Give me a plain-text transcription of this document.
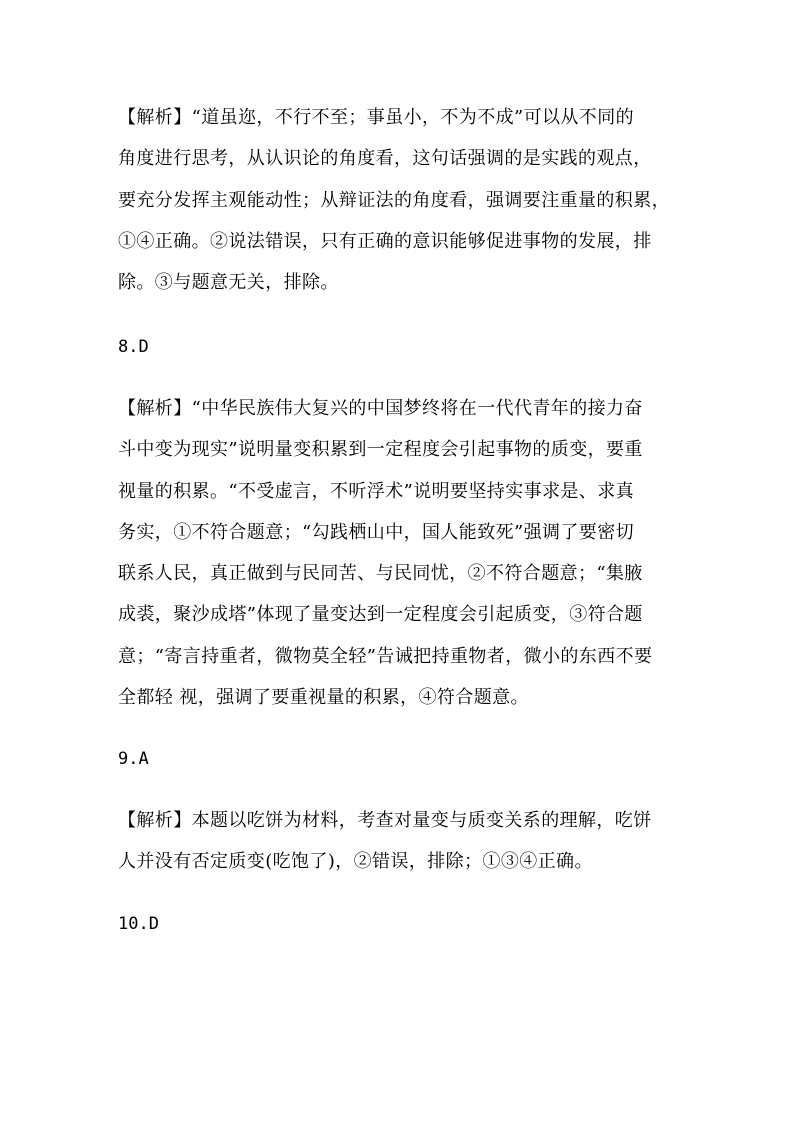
【解析】“道虽迩，不行不至；事虽小，不为不成”可以从不同的
角度进行思考，从认识论的角度看，这句话强调的是实践的观点，
要充分发挥主观能动性；从辩证法的角度看，强调要注重量的积累，
①④正确。②说法错误，只有正确的意识能够促进事物的发展，排
除。③与题意无关，排除。
8.D
【解析】“中华民族伟大复兴的中国梦终将在一代代青年的接力奋
斗中变为现实”说明量变积累到一定程度会引起事物的质变，要重
视量的积累。“不受虚言，不听浮术”说明要坚持实事求是、求真
务实，①不符合题意；“勾践栖山中，国人能致死”强调了要密切
联系人民，真正做到与民同苦、与民同忧，②不符合题意；“集腋
成裘，聚沙成塔”体现了量变达到一定程度会引起质变，③符合题
意；“寄言持重者，微物莫全轻”告诫把持重物者，微小的东西不要
全都轻 视，强调了要重视量的积累，④符合题意。
9.A
【解析】本题以吃饼为材料，考查对量变与质变关系的理解，吃饼
人并没有否定质变(吃饱了)，②错误，排除；①③④正确。
10.D
